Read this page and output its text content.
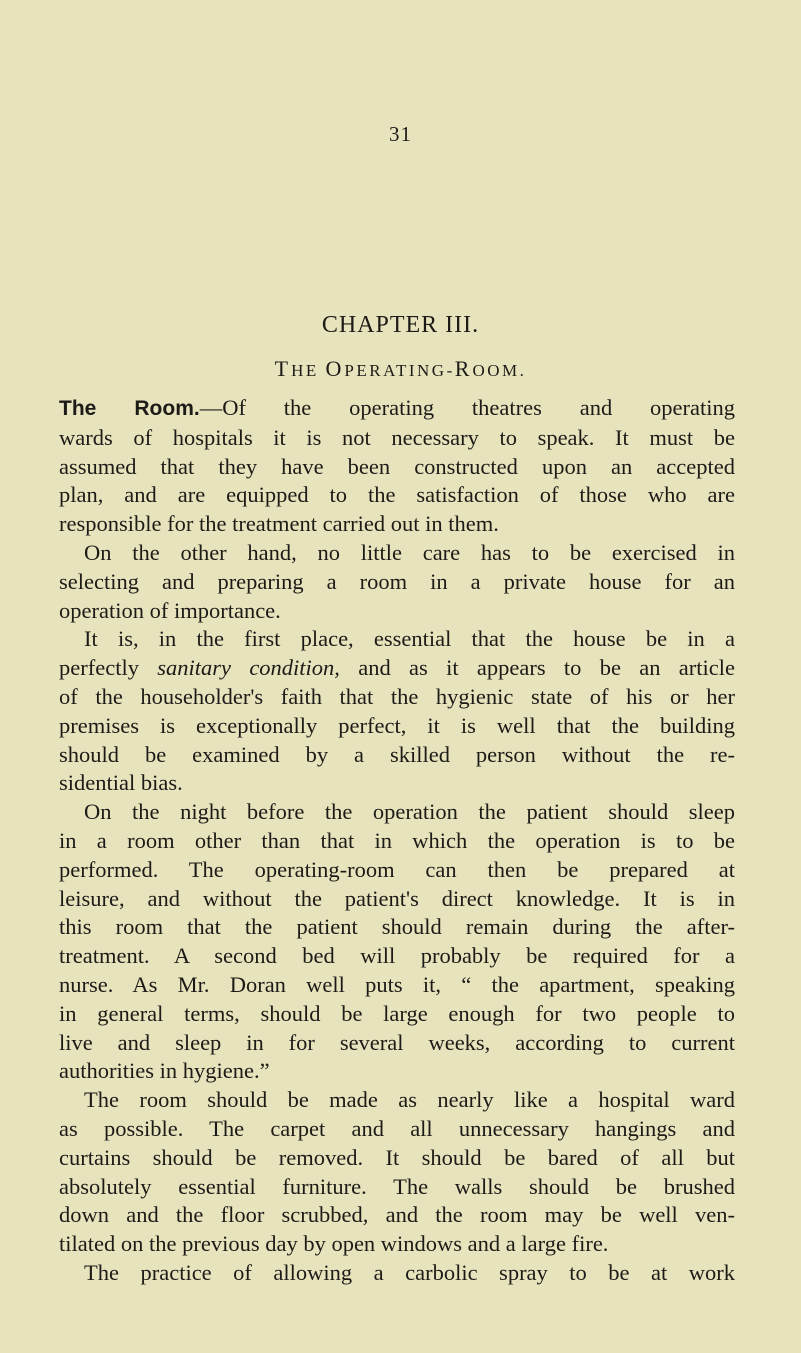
31
CHAPTER III.
THE OPERATING-ROOM.
The Room.—Of the operating theatres and operating
wards of hospitals it is not necessary to speak. It must be
assumed that they have been constructed upon an accepted
plan, and are equipped to the satisfaction of those who are
responsible for the treatment carried out in them.
On the other hand, no little care has to be exercised in
selecting and preparing a room in a private house for an
operation of importance.
It is, in the first place, essential that the house be in a
perfectly sanitary condition, and as it appears to be an article
of the householder's faith that the hygienic state of his or her
premises is exceptionally perfect, it is well that the building
should be examined by a skilled person without the re-
sidential bias.
On the night before the operation the patient should sleep
in a room other than that in which the operation is to be
performed. The operating-room can then be prepared at
leisure, and without the patient's direct knowledge. It is in
this room that the patient should remain during the after-
treatment. A second bed will probably be required for a
nurse. As Mr. Doran well puts it, “ the apartment, speaking
in general terms, should be large enough for two people to
live and sleep in for several weeks, according to current
authorities in hygiene.”
The room should be made as nearly like a hospital ward
as possible. The carpet and all unnecessary hangings and
curtains should be removed. It should be bared of all but
absolutely essential furniture. The walls should be brushed
down and the floor scrubbed, and the room may be well ven-
tilated on the previous day by open windows and a large fire.
The practice of allowing a carbolic spray to be at work
